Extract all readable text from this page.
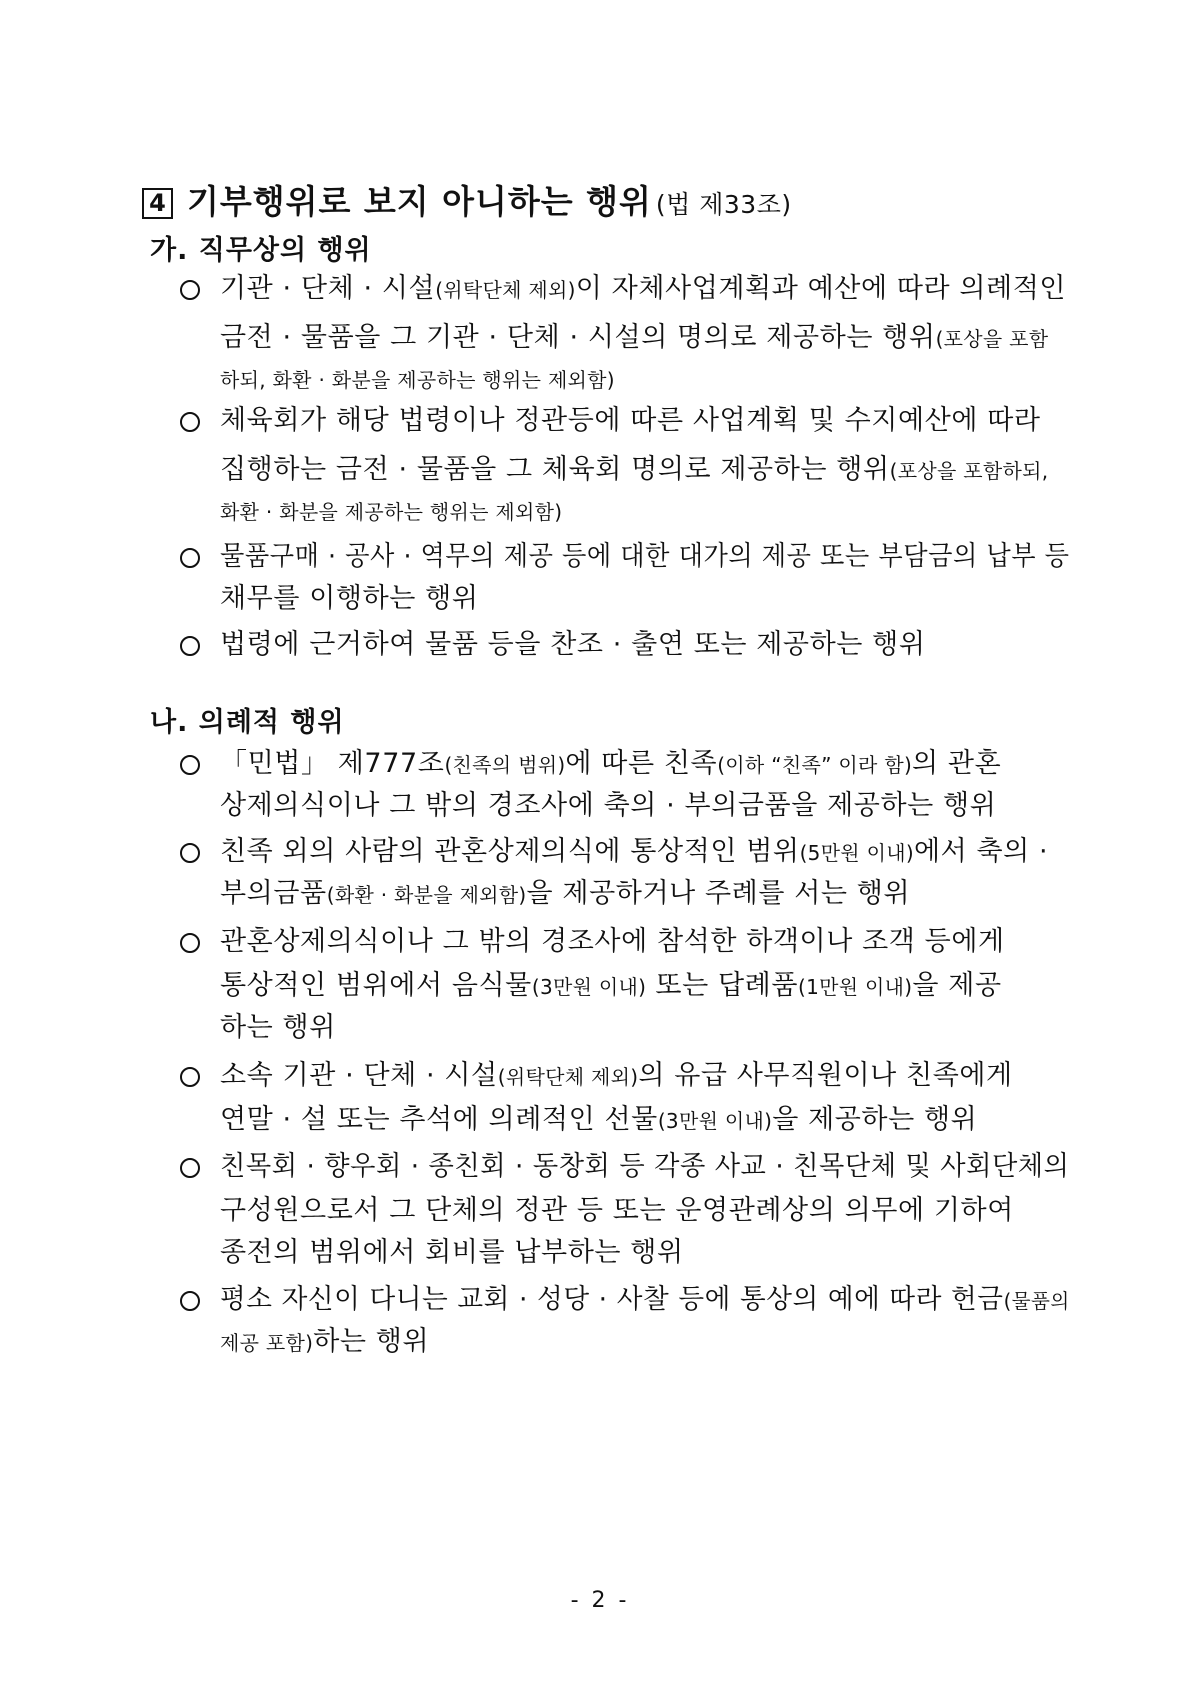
4 기부행위로 보지 아니하는 행위 (법 제33조)
가. 직무상의 행위
기관 · 단체 · 시설(위탁단체 제외)이 자체사업계획과 예산에 따라 의례적인
금전 · 물품을 그 기관 · 단체 · 시설의 명의로 제공하는 행위(포상을 포함
하되, 화환 · 화분을 제공하는 행위는 제외함)
체육회가 해당 법령이나 정관등에 따른 사업계획 및 수지예산에 따라
집행하는 금전 · 물품을 그 체육회 명의로 제공하는 행위(포상을 포함하되,
화환 · 화분을 제공하는 행위는 제외함)
물품구매 · 공사 · 역무의 제공 등에 대한 대가의 제공 또는 부담금의 납부 등
채무를 이행하는 행위
법령에 근거하여 물품 등을 찬조 · 출연 또는 제공하는 행위
나. 의례적 행위
「민법」 제777조(친족의 범위)에 따른 친족(이하 “친족” 이라 함)의 관혼
상제의식이나 그 밖의 경조사에 축의 · 부의금품을 제공하는 행위
친족 외의 사람의 관혼상제의식에 통상적인 범위(5만원 이내)에서 축의 ·
부의금품(화환 · 화분을 제외함)을 제공하거나 주례를 서는 행위
관혼상제의식이나 그 밖의 경조사에 참석한 하객이나 조객 등에게
통상적인 범위에서 음식물(3만원 이내) 또는 답례품(1만원 이내)을 제공
하는 행위
소속 기관 · 단체 · 시설(위탁단체 제외)의 유급 사무직원이나 친족에게
연말 · 설 또는 추석에 의례적인 선물(3만원 이내)을 제공하는 행위
친목회 · 향우회 · 종친회 · 동창회 등 각종 사교 · 친목단체 및 사회단체의
구성원으로서 그 단체의 정관 등 또는 운영관례상의 의무에 기하여
종전의 범위에서 회비를 납부하는 행위
평소 자신이 다니는 교회 · 성당 · 사찰 등에 통상의 예에 따라 헌금(물품의
제공 포함)하는 행위
- 2 -
